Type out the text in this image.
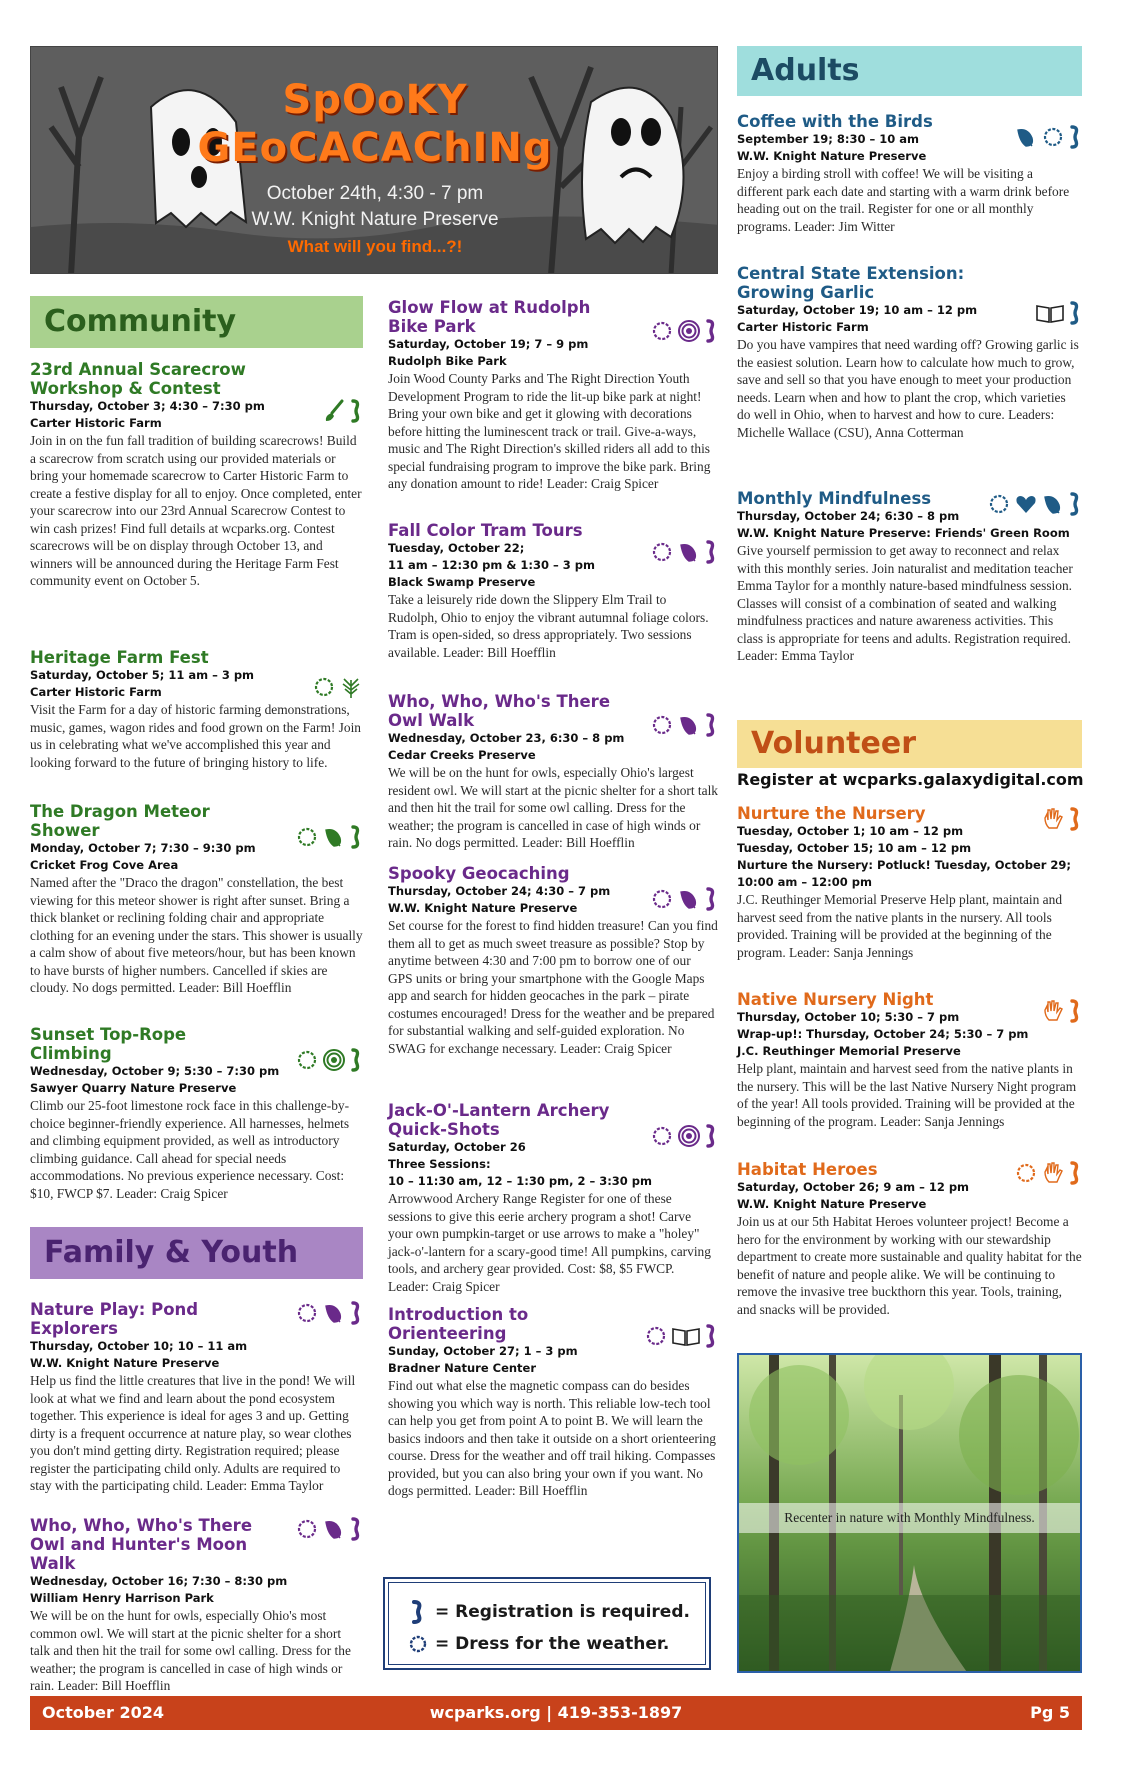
SpOoKY
GEoCACAChINg
October 24th, 4:30 - 7 pm
W.W. Knight Nature Preserve
What will you find...?!
Community
Family & Youth
Adults
Volunteer
Register at wcparks.galaxydigital.com
23rd Annual Scarecrow Workshop & Contest
Thursday, October 3; 4:30 – 7:30 pm
Carter Historic Farm

Join in on the fun fall tradition of building scarecrows! Build a scarecrow from scratch using our provided materials or bring your homemade scarecrow to Carter Historic Farm to create a festive display for all to enjoy. Once completed, enter your scarecrow into our 23rd Annual Scarecrow Contest to win cash prizes! Find full details at wcparks.org. Contest scarecrows will be on display through October 13, and winners will be announced during the Heritage Farm Fest community event on October 5.

Heritage Farm Fest
Saturday, October 5; 11 am – 3 pm
Carter Historic Farm

Visit the Farm for a day of historic farming demonstrations, music, games, wagon rides and food grown on the Farm! Join us in celebrating what we've accomplished this year and looking forward to the future of bringing history to life.

The Dragon Meteor Shower
Monday, October 7; 7:30 – 9:30 pm
Cricket Frog Cove Area

Named after the "Draco the dragon" constellation, the best viewing for this meteor shower is right after sunset. Bring a thick blanket or reclining folding chair and appropriate clothing for an evening under the stars. This shower is usually a calm show of about five meteors/hour, but has been known to have bursts of higher numbers. Cancelled if skies are cloudy. No dogs permitted. Leader: Bill Hoefflin

Sunset Top-Rope Climbing
Wednesday, October 9; 5:30 – 7:30 pm
Sawyer Quarry Nature Preserve

Climb our 25-foot limestone rock face in this challenge-by-choice beginner-friendly experience. All harnesses, helmets and climbing equipment provided, as well as introductory climbing guidance. Call ahead for special needs accommodations. No previous experience necessary. Cost: $10, FWCP $7. Leader: Craig Spicer

Nature Play: Pond Explorers
Thursday, October 10; 10 – 11 am
W.W. Knight Nature Preserve

Help us find the little creatures that live in the pond! We will look at what we find and learn about the pond ecosystem together. This experience is ideal for ages 3 and up. Getting dirty is a frequent occurrence at nature play, so wear clothes you don't mind getting dirty. Registration required; please register the participating child only. Adults are required to stay with the participating child. Leader: Emma Taylor

Who, Who, Who's There Owl and Hunter's Moon Walk
Wednesday, October 16; 7:30 – 8:30 pm
William Henry Harrison Park

We will be on the hunt for owls, especially Ohio's most common owl. We will start at the picnic shelter for a short talk and then hit the trail for some owl calling. Dress for the weather; the program is cancelled in case of high winds or rain. Leader: Bill Hoefflin

Glow Flow at Rudolph Bike Park
Saturday, October 19; 7 – 9 pm
Rudolph Bike Park

Join Wood County Parks and The Right Direction Youth Development Program to ride the lit-up bike park at night! Bring your own bike and get it glowing with decorations before hitting the luminescent track or trail. Give-a-ways, music and The Right Direction's skilled riders all add to this special fundraising program to improve the bike park. Bring any donation amount to ride! Leader: Craig Spicer

Fall Color Tram Tours
Tuesday, October 22;
11 am – 12:30 pm & 1:30 – 3 pm
Black Swamp Preserve

Take a leisurely ride down the Slippery Elm Trail to Rudolph, Ohio to enjoy the vibrant autumnal foliage colors. Tram is open-sided, so dress appropriately. Two sessions available. Leader: Bill Hoefflin

Who, Who, Who's There Owl Walk
Wednesday, October 23, 6:30 – 8 pm
Cedar Creeks Preserve

We will be on the hunt for owls, especially Ohio's largest resident owl. We will start at the picnic shelter for a short talk and then hit the trail for some owl calling. Dress for the weather; the program is cancelled in case of high winds or rain. No dogs permitted. Leader: Bill Hoefflin

Spooky Geocaching
Thursday, October 24; 4:30 – 7 pm
W.W. Knight Nature Preserve

Set course for the forest to find hidden treasure! Can you find them all to get as much sweet treasure as possible? Stop by anytime between 4:30 and 7:00 pm to borrow one of our GPS units or bring your smartphone with the Google Maps app and search for hidden geocaches in the park – pirate costumes encouraged! Dress for the weather and be prepared for substantial walking and self-guided exploration. No SWAG for exchange necessary. Leader: Craig Spicer

Jack-O'-Lantern Archery Quick-Shots
Saturday, October 26
Three Sessions:
10 – 11:30 am, 12 – 1:30 pm, 2 – 3:30 pm

Arrowwood Archery Range Register for one of these sessions to give this eerie archery program a shot! Carve your own pumpkin-target or use arrows to make a "holey" jack-o'-lantern for a scary-good time! All pumpkins, carving tools, and archery gear provided. Cost: $8, $5 FWCP. Leader: Craig Spicer

Introduction to Orienteering
Sunday, October 27; 1 – 3 pm
Bradner Nature Center

Find out what else the magnetic compass can do besides showing you which way is north. This reliable low-tech tool can help you get from point A to point B. We will learn the basics indoors and then take it outside on a short orienteering course. Dress for the weather and off trail hiking. Compasses provided, but you can also bring your own if you want. No dogs permitted. Leader: Bill Hoefflin

Coffee with the Birds
September 19; 8:30 – 10 am
W.W. Knight Nature Preserve

Enjoy a birding stroll with coffee! We will be visiting a different park each date and starting with a warm drink before heading out on the trail. Register for one or all monthly programs. Leader: Jim Witter

Central State Extension: Growing Garlic
Saturday, October 19; 10 am – 12 pm
Carter Historic Farm

Do you have vampires that need warding off? Growing garlic is the easiest solution. Learn how to calculate how much to grow, save and sell so that you have enough to meet your production needs. Learn when and how to plant the crop, which varieties do well in Ohio, when to harvest and how to cure. Leaders: Michelle Wallace (CSU), Anna Cotterman

Monthly Mindfulness
Thursday, October 24; 6:30 – 8 pm
W.W. Knight Nature Preserve: Friends' Green Room

Give yourself permission to get away to reconnect and relax with this monthly series. Join naturalist and meditation teacher Emma Taylor for a monthly nature-based mindfulness session. Classes will consist of a combination of seated and walking mindfulness practices and nature awareness activities. This class is appropriate for teens and adults. Registration required. Leader: Emma Taylor

Nurture the Nursery
Tuesday, October 1; 10 am – 12 pm
Tuesday, October 15; 10 am – 12 pm
Nurture the Nursery: Potluck! Tuesday, October 29;
10:00 am – 12:00 pm

J.C. Reuthinger Memorial Preserve Help plant, maintain and harvest seed from the native plants in the nursery. All tools provided. Training will be provided at the beginning of the program. Leader: Sanja Jennings

Native Nursery Night
Thursday, October 10; 5:30 – 7 pm
Wrap-up!: Thursday, October 24; 5:30 – 7 pm
J.C. Reuthinger Memorial Preserve

Help plant, maintain and harvest seed from the native plants in the nursery. This will be the last Native Nursery Night program of the year! All tools provided. Training will be provided at the beginning of the program. Leader: Sanja Jennings

Habitat Heroes
Saturday, October 26; 9 am – 12 pm
W.W. Knight Nature Preserve

Join us at our 5th Habitat Heroes volunteer project! Become a hero for the environment by working with our stewardship department to create more sustainable and quality habitat for the benefit of nature and people alike. We will be continuing to remove the invasive tree buckthorn this year. Tools, training, and snacks will be provided.

= Registration is required.
= Dress for the weather.
Recenter in nature with Monthly Mindfulness.
October 2024	wcparks.org | 419-353-1897	Pg 5
